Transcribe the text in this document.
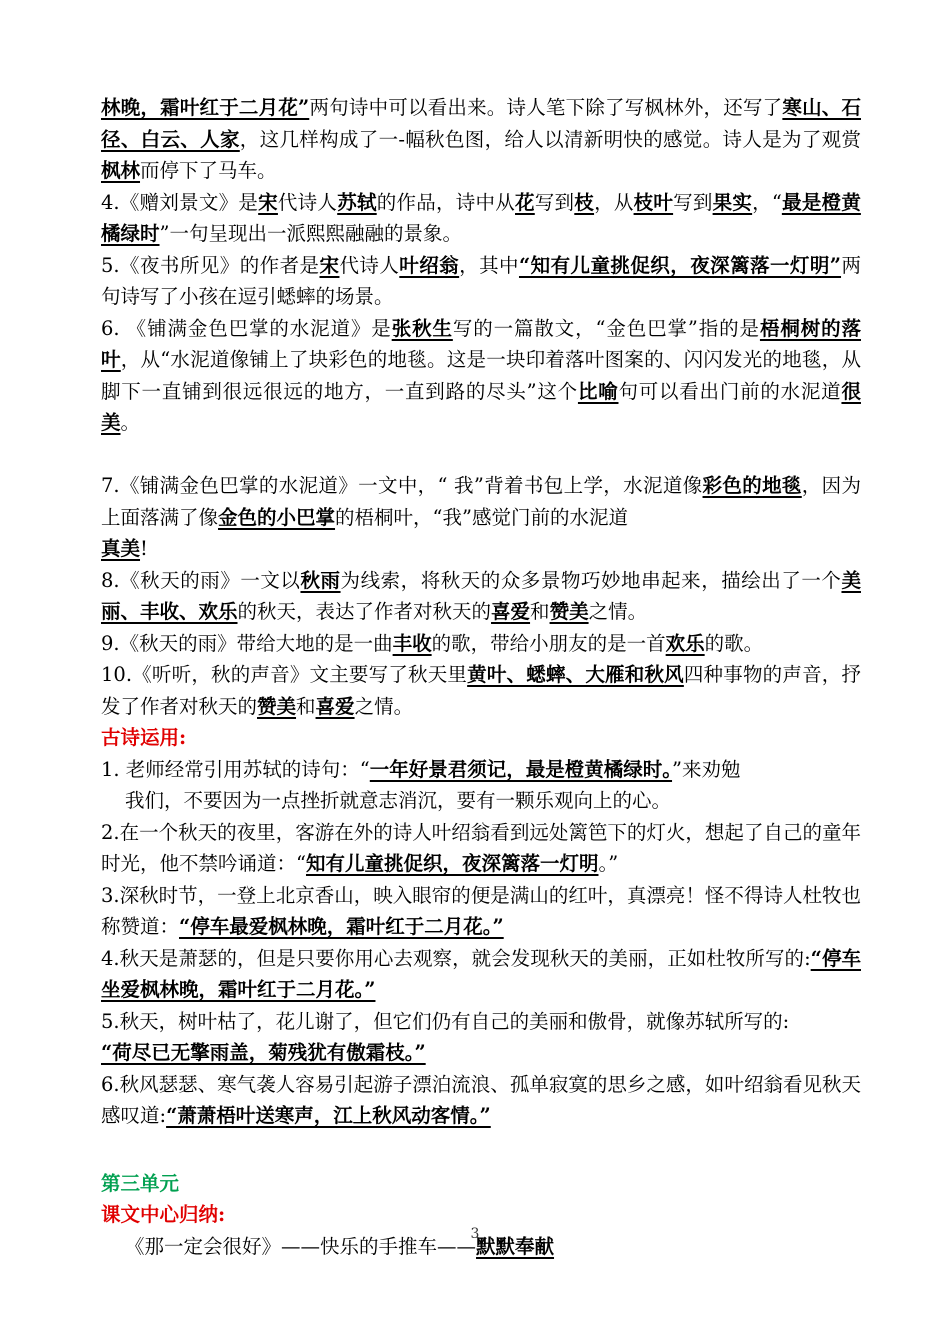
林晚，霜叶红于二月花”两句诗中可以看出来。诗人笔下除了写枫林外，还写了寒山、石径、白云、人家，这几样构成了一-幅秋色图，给人以清新明快的感觉。诗人是为了观赏枫林而停下了马车。

4.《赠刘景文》是宋代诗人苏轼的作品，诗中从花写到枝，从枝叶写到果实，“最是橙黄橘绿时”一句呈现出一派熙熙融融的景象。

5.《夜书所见》的作者是宋代诗人叶绍翁，其中“知有儿童挑促织，夜深篱落一灯明”两句诗写了小孩在逗引蟋蟀的场景。

6. 《铺满金色巴掌的水泥道》是张秋生写的一篇散文，“金色巴掌”指的是梧桐树的落叶，从“水泥道像铺上了块彩色的地毯。这是一块印着落叶图案的、闪闪发光的地毯，从脚下一直铺到很远很远的地方，一直到路的尽头”这个比喻句可以看出门前的水泥道很美。

7.《铺满金色巴掌的水泥道》一文中，“ 我”背着书包上学，水泥道像彩色的地毯，因为上面落满了像金色的小巴掌的梧桐叶，“我”感觉门前的水泥道
真美!

8.《秋天的雨》一文以秋雨为线索，将秋天的众多景物巧妙地串起来，描绘出了一个美丽、丰收、欢乐的秋天，表达了作者对秋天的喜爱和赞美之情。

9.《秋天的雨》带给大地的是一曲丰收的歌，带给小朋友的是一首欢乐的歌。

10.《听听，秋的声音》文主要写了秋天里黄叶、蟋蟀、大雁和秋风四种事物的声音，抒发了作者对秋天的赞美和喜爱之情。

古诗运用:

1. 老师经常引用苏轼的诗句：“一年好景君须记，最是橙黄橘绿时。”来劝勉
我们，不要因为一点挫折就意志消沉，要有一颗乐观向上的心。

2.在一个秋天的夜里，客游在外的诗人叶绍翁看到远处篱笆下的灯火，想起了自己的童年时光，他不禁吟诵道：“知有儿童挑促织，夜深篱落一灯明。”

3.深秋时节，一登上北京香山，映入眼帘的便是满山的红叶，真漂亮！怪不得诗人杜牧也称赞道：“停车最爱枫林晚，霜叶红于二月花。”

4.秋天是萧瑟的，但是只要你用心去观察，就会发现秋天的美丽，正如杜牧所写的:“停车坐爱枫林晚，霜叶红于二月花。”

5.秋天，树叶枯了，花儿谢了，但它们仍有自己的美丽和傲骨，就像苏轼所写的:
“荷尽已无擎雨盖，菊残犹有傲霜枝。”

6.秋风瑟瑟、寒气袭人容易引起游子漂泊流浪、孤单寂寞的思乡之感，如叶绍翁看见秋天感叹道:“萧萧梧叶送寒声，江上秋风动客情。”

第三单元

课文中心归纳:

《那一定会很好》——快乐的手推车——默默奉献

3
